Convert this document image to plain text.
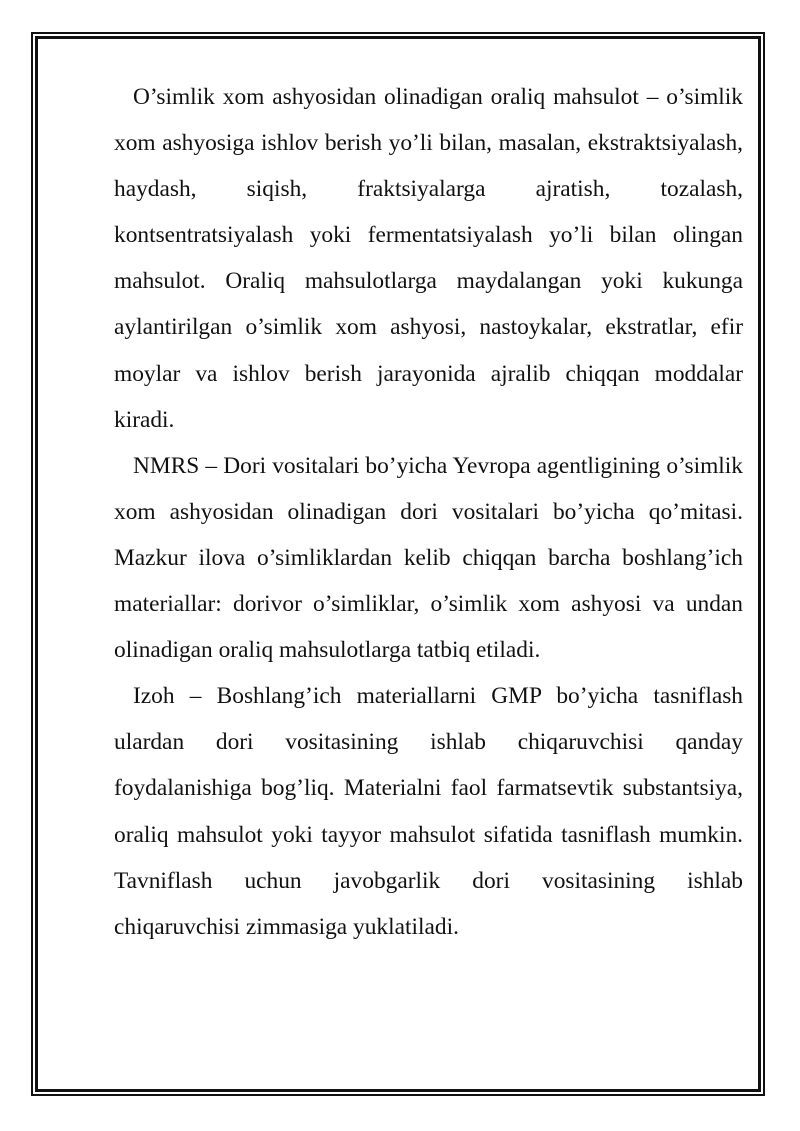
O’simlik xom ashyosidan olinadigan oraliq mahsulot – o’simlik xom ashyosiga ishlov berish yo’li bilan, masalan, ekstraktsiyalash, haydash, siqish, fraktsiyalarga ajratish, tozalash, kontsentratsiyalash yoki fermentatsiyalash yo’li bilan olingan mahsulot. Oraliq mahsulotlarga maydalangan yoki kukunga aylantirilgan o’simlik xom ashyosi, nastoykalar, ekstratlar, efir moylar va ishlov berish jarayonida ajralib chiqqan moddalar kiradi.

NMRS – Dori vositalari bo’yicha Yevropa agentligining o’simlik xom ashyosidan olinadigan dori vositalari bo’yicha qo’mitasi. Mazkur ilova o’simliklardan kelib chiqqan barcha boshlang’ich materiallar: dorivor o’simliklar, o’simlik xom ashyosi va undan olinadigan oraliq mahsulotlarga tatbiq etiladi.

Izoh – Boshlang’ich materiallarni GMP bo’yicha tasniflash ulardan dori vositasining ishlab chiqaruvchisi qanday foydalanishiga bog’liq. Materialni faol farmatsevtik substantsiya, oraliq mahsulot yoki tayyor mahsulot sifatida tasniflash mumkin. Tavniflash uchun javobgarlik dori vositasining ishlab chiqaruvchisi zimmasiga yuklatiladi.
